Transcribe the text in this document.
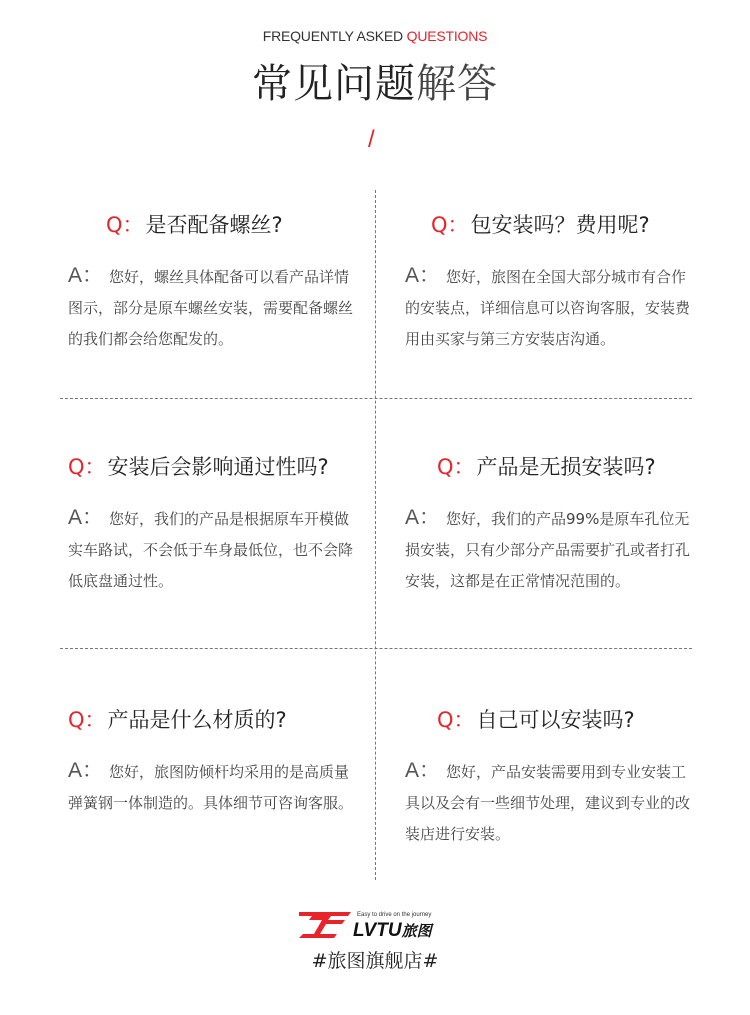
FREQUENTLY ASKED QUESTIONS
常见问题解答
/
Q：是否配备螺丝?
A： 您好，螺丝具体配备可以看产品详情图示，部分是原车螺丝安装，需要配备螺丝的我们都会给您配发的。
Q：包安装吗？费用呢?
A： 您好，旅图在全国大部分城市有合作的安装点，详细信息可以咨询客服，安装费用由买家与第三方安装店沟通。
Q：安装后会影响通过性吗?
A： 您好，我们的产品是根据原车开模做实车路试，不会低于车身最低位，也不会降低底盘通过性。
Q：产品是无损安装吗?
A： 您好，我们的产品99%是原车孔位无损安装，只有少部分产品需要扩孔或者打孔安装，这都是在正常情况范围的。
Q：产品是什么材质的?
A： 您好，旅图防倾杆均采用的是高质量弹簧钢一体制造的。具体细节可咨询客服。
Q：自己可以安装吗?
A： 您好，产品安装需要用到专业安装工具以及会有一些细节处理，建议到专业的改装店进行安装。
Easy to drive on the journey
LVTU旅图
#旅图旗舰店#
